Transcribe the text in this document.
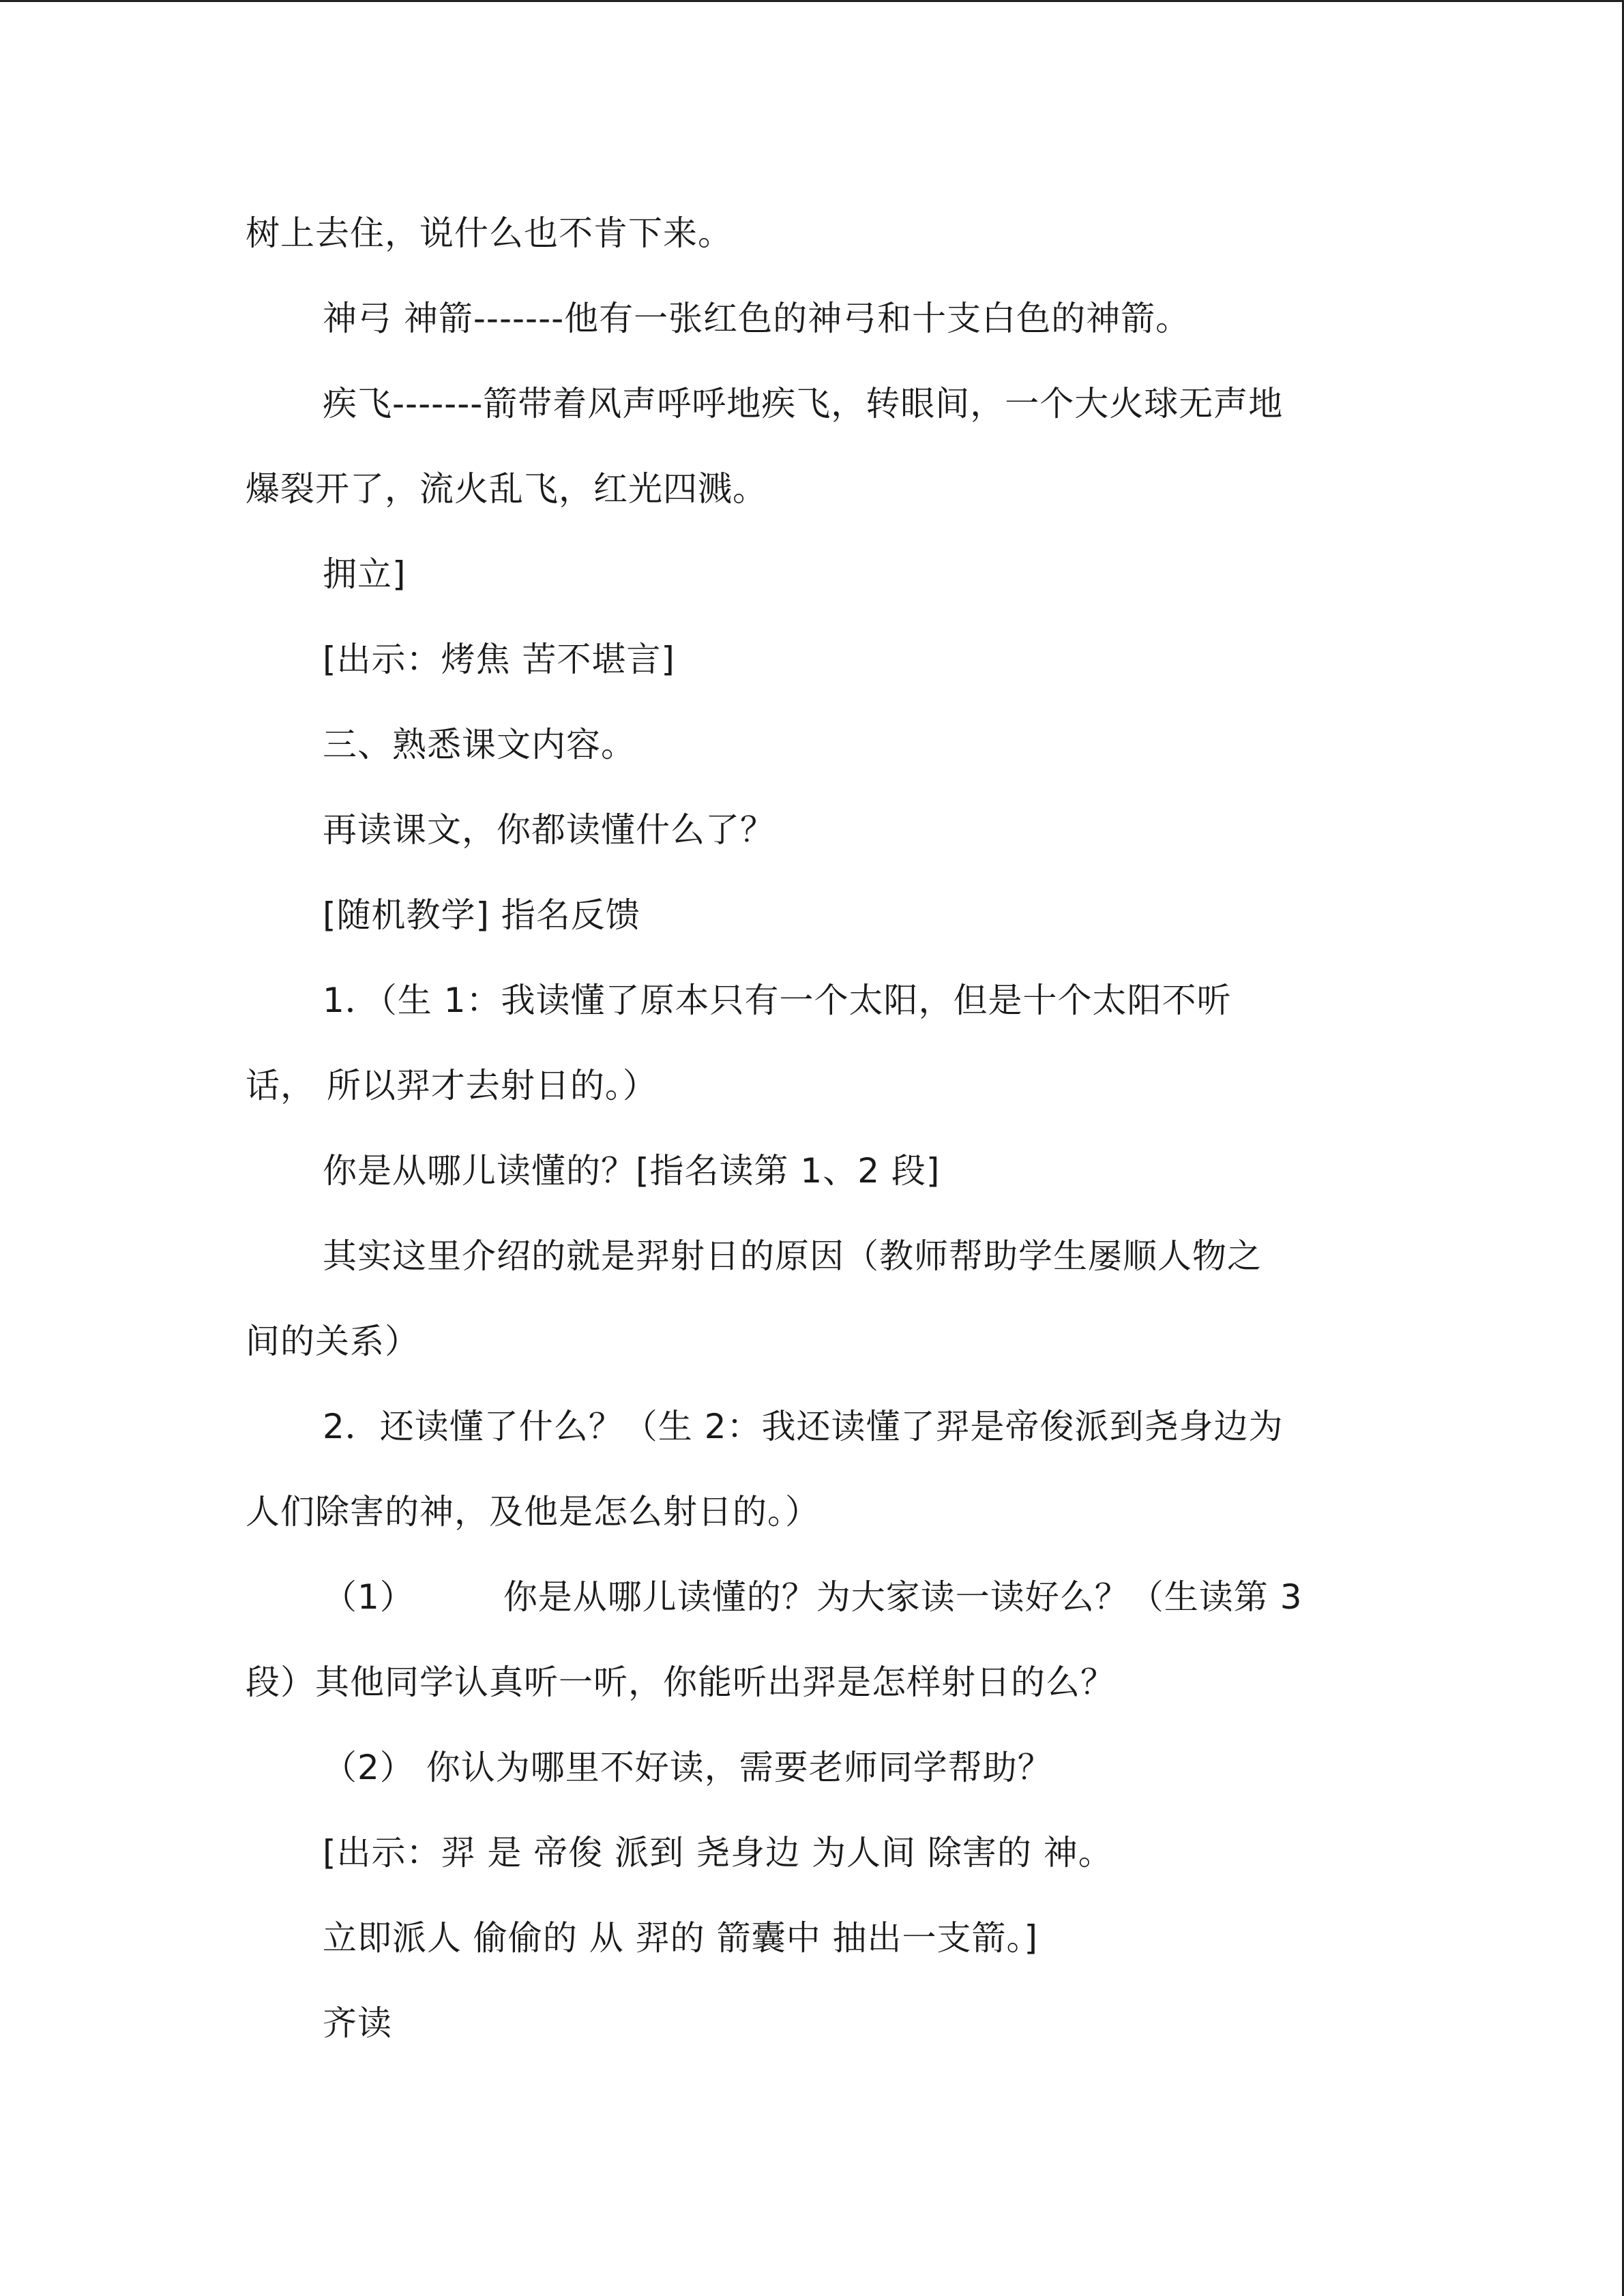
树上去住，说什么也不肯下来。
神弓 神箭-------他有一张红色的神弓和十支白色的神箭。
疾飞-------箭带着风声呼呼地疾飞，转眼间，一个大火球无声地
爆裂开了，流火乱飞，红光四溅。
拥立]
[出示：烤焦 苦不堪言]
三、熟悉课文内容。
再读课文，你都读懂什么了？
[随机教学] 指名反馈
1．（生 1：我读懂了原本只有一个太阳，但是十个太阳不听
话， 所以羿才去射日的。）
你是从哪儿读懂的？[指名读第 1、2 段]
其实这里介绍的就是羿射日的原因（教师帮助学生屡顺人物之
间的关系）
2．还读懂了什么？（生 2：我还读懂了羿是帝俊派到尧身边为
人们除害的神，及他是怎么射日的。）
（1）	你是从哪儿读懂的？为大家读一读好么？（生读第 3
段）其他同学认真听一听，你能听出羿是怎样射日的么？
（2） 你认为哪里不好读，需要老师同学帮助？
[出示：羿 是 帝俊 派到 尧身边 为人间 除害的 神。
立即派人 偷偷的 从 羿的 箭囊中 抽出一支箭。]
齐读
